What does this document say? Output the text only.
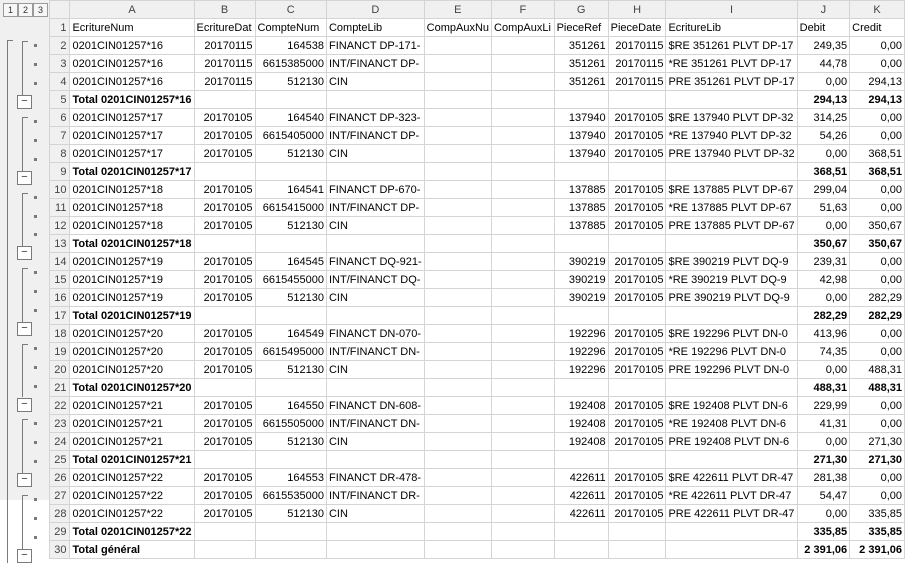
1	2	3
−
−
−
−
−
−
−
	A	B	C	D	E	F	G	H	I	J	K
1	EcritureNum	EcritureDat	CompteNum	CompteLib	CompAuxNu	CompAuxLi	PieceRef	PieceDate	EcritureLib	Debit	Credit
2	0201CIN01257*16	20170115	164538	FINANCT DP-171-			351261	20170115	$RE 351261 PLVT DP-17	249,35	0,00
3	0201CIN01257*16	20170115	6615385000	INT/FINANCT DP-			351261	20170115	*RE 351261 PLVT DP-17	44,78	0,00
4	0201CIN01257*16	20170115	512130	CIN			351261	20170115	PRE 351261 PLVT DP-17	0,00	294,13
5	Total 0201CIN01257*16									294,13	294,13
6	0201CIN01257*17	20170105	164540	FINANCT DP-323-			137940	20170105	$RE 137940 PLVT DP-32	314,25	0,00
7	0201CIN01257*17	20170105	6615405000	INT/FINANCT DP-			137940	20170105	*RE 137940 PLVT DP-32	54,26	0,00
8	0201CIN01257*17	20170105	512130	CIN			137940	20170105	PRE 137940 PLVT DP-32	0,00	368,51
9	Total 0201CIN01257*17									368,51	368,51
10	0201CIN01257*18	20170105	164541	FINANCT DP-670-			137885	20170105	$RE 137885 PLVT DP-67	299,04	0,00
11	0201CIN01257*18	20170105	6615415000	INT/FINANCT DP-			137885	20170105	*RE 137885 PLVT DP-67	51,63	0,00
12	0201CIN01257*18	20170105	512130	CIN			137885	20170105	PRE 137885 PLVT DP-67	0,00	350,67
13	Total 0201CIN01257*18									350,67	350,67
14	0201CIN01257*19	20170105	164545	FINANCT DQ-921-			390219	20170105	$RE 390219 PLVT DQ-9	239,31	0,00
15	0201CIN01257*19	20170105	6615455000	INT/FINANCT DQ-			390219	20170105	*RE 390219 PLVT DQ-9	42,98	0,00
16	0201CIN01257*19	20170105	512130	CIN			390219	20170105	PRE 390219 PLVT DQ-9	0,00	282,29
17	Total 0201CIN01257*19									282,29	282,29
18	0201CIN01257*20	20170105	164549	FINANCT DN-070-			192296	20170105	$RE 192296 PLVT DN-0	413,96	0,00
19	0201CIN01257*20	20170105	6615495000	INT/FINANCT DN-			192296	20170105	*RE 192296 PLVT DN-0	74,35	0,00
20	0201CIN01257*20	20170105	512130	CIN			192296	20170105	PRE 192296 PLVT DN-0	0,00	488,31
21	Total 0201CIN01257*20									488,31	488,31
22	0201CIN01257*21	20170105	164550	FINANCT DN-608-			192408	20170105	$RE 192408 PLVT DN-6	229,99	0,00
23	0201CIN01257*21	20170105	6615505000	INT/FINANCT DN-			192408	20170105	*RE 192408 PLVT DN-6	41,31	0,00
24	0201CIN01257*21	20170105	512130	CIN			192408	20170105	PRE 192408 PLVT DN-6	0,00	271,30
25	Total 0201CIN01257*21									271,30	271,30
26	0201CIN01257*22	20170105	164553	FINANCT DR-478-			422611	20170105	$RE 422611 PLVT DR-47	281,38	0,00
27	0201CIN01257*22	20170105	6615535000	INT/FINANCT DR-			422611	20170105	*RE 422611 PLVT DR-47	54,47	0,00
28	0201CIN01257*22	20170105	512130	CIN			422611	20170105	PRE 422611 PLVT DR-47	0,00	335,85
29	Total 0201CIN01257*22									335,85	335,85
30	Total général									2 391,06	2 391,06
